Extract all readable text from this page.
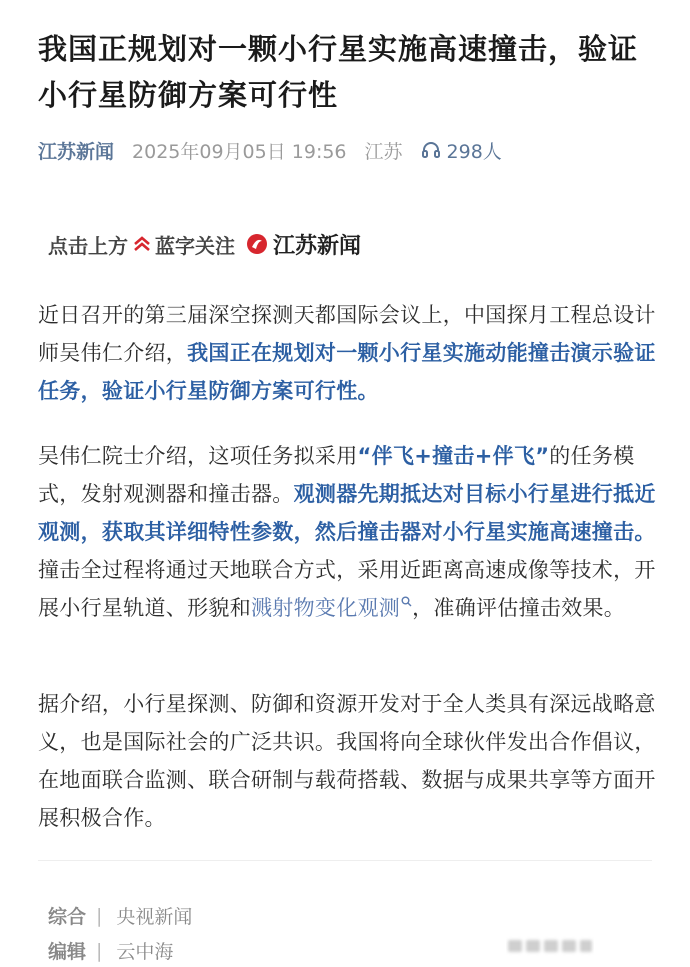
我国正规划对一颗小行星实施高速撞击，验证小行星防御方案可行性
江苏新闻 2025年09月05日 19:56 江苏 298人
点击上方 蓝字关注 江苏新闻
近日召开的第三届深空探测天都国际会议上，中国探月工程总设计师吴伟仁介绍，我国正在规划对一颗小行星实施动能撞击演示验证任务，验证小行星防御方案可行性。
吴伟仁院士介绍，这项任务拟采用“伴飞+撞击+伴飞”的任务模式，发射观测器和撞击器。观测器先期抵达对目标小行星进行抵近观测，获取其详细特性参数，然后撞击器对小行星实施高速撞击。撞击全过程将通过天地联合方式，采用近距离高速成像等技术，开展小行星轨道、形貌和溅射物变化观测 ，准确评估撞击效果。
据介绍，小行星探测、防御和资源开发对于全人类具有深远战略意义，也是国际社会的广泛共识。我国将向全球伙伴发出合作倡议，在地面联合监测、联合研制与载荷搭载、数据与成果共享等方面开展积极合作。
综合 | 央视新闻
编辑 | 云中海
